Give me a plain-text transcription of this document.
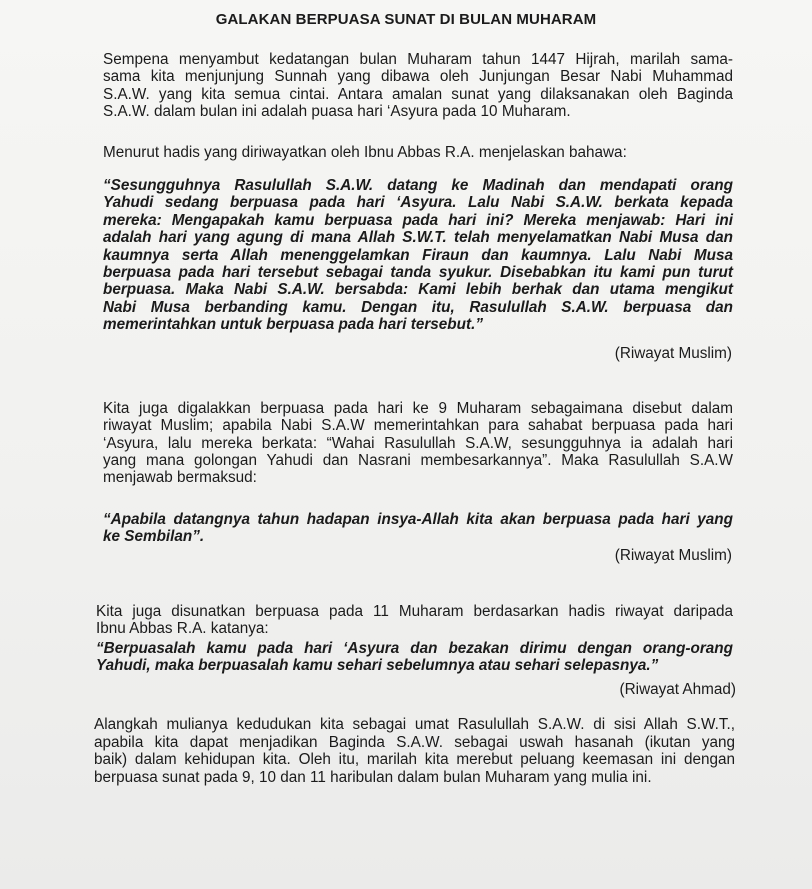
GALAKAN BERPUASA SUNAT DI BULAN MUHARAM
Sempena menyambut kedatangan bulan Muharam tahun 1447 Hijrah, marilah sama-
sama kita menjunjung Sunnah yang dibawa oleh Junjungan Besar Nabi Muhammad
S.A.W. yang kita semua cintai. Antara amalan sunat yang dilaksanakan oleh Baginda
S.A.W. dalam bulan ini adalah puasa hari ‘Asyura pada 10 Muharam.
Menurut hadis yang diriwayatkan oleh Ibnu Abbas R.A. menjelaskan bahawa:
“Sesungguhnya Rasulullah S.A.W. datang ke Madinah dan mendapati orang
Yahudi sedang berpuasa pada hari ‘Asyura. Lalu Nabi S.A.W. berkata kepada
mereka: Mengapakah kamu berpuasa pada hari ini? Mereka menjawab: Hari ini
adalah hari yang agung di mana Allah S.W.T. telah menyelamatkan Nabi Musa dan
kaumnya serta Allah menenggelamkan Firaun dan kaumnya. Lalu Nabi Musa
berpuasa pada hari tersebut sebagai tanda syukur. Disebabkan itu kami pun turut
berpuasa. Maka Nabi S.A.W. bersabda: Kami lebih berhak dan utama mengikut
Nabi Musa berbanding kamu. Dengan itu, Rasulullah S.A.W. berpuasa dan
memerintahkan untuk berpuasa pada hari tersebut.”
(Riwayat Muslim)
Kita juga digalakkan berpuasa pada hari ke 9 Muharam sebagaimana disebut dalam
riwayat Muslim; apabila Nabi S.A.W memerintahkan para sahabat berpuasa pada hari
‘Asyura, lalu mereka berkata: “Wahai Rasulullah S.A.W, sesungguhnya ia adalah hari
yang mana golongan Yahudi dan Nasrani membesarkannya”. Maka Rasulullah S.A.W
menjawab bermaksud:
“Apabila datangnya tahun hadapan insya-Allah kita akan berpuasa pada hari yang
ke Sembilan”.
(Riwayat Muslim)
Kita juga disunatkan berpuasa pada 11 Muharam berdasarkan hadis riwayat daripada
Ibnu Abbas R.A. katanya:
“Berpuasalah kamu pada hari ‘Asyura dan bezakan dirimu dengan orang-orang
Yahudi, maka berpuasalah kamu sehari sebelumnya atau sehari selepasnya.”
(Riwayat Ahmad)
Alangkah mulianya kedudukan kita sebagai umat Rasulullah S.A.W. di sisi Allah S.W.T.,
apabila kita dapat menjadikan Baginda S.A.W. sebagai uswah hasanah (ikutan yang
baik) dalam kehidupan kita. Oleh itu, marilah kita merebut peluang keemasan ini dengan
berpuasa sunat pada 9, 10 dan 11 haribulan dalam bulan Muharam yang mulia ini.
